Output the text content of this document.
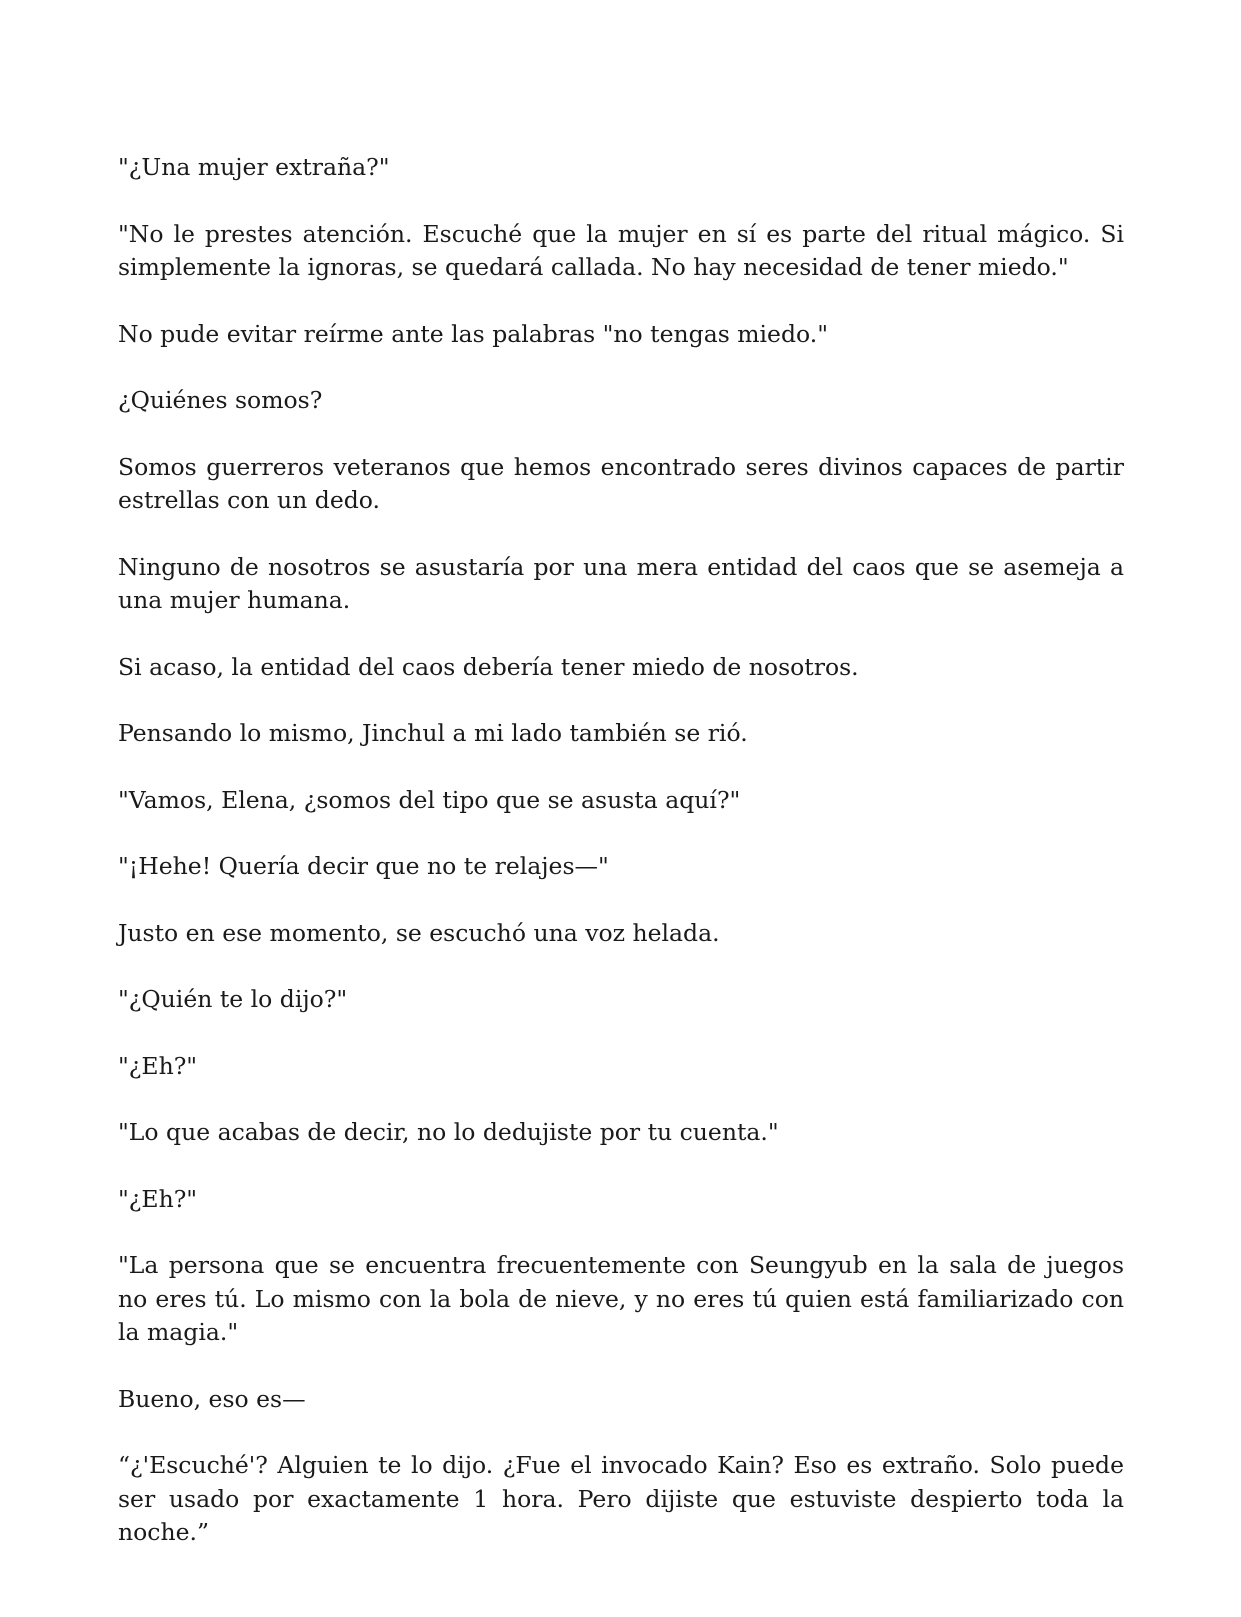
"¿Una mujer extraña?"

"No le prestes atención. Escuché que la mujer en sí es parte del ritual mágico. Si simplemente la ignoras, se quedará callada. No hay necesidad de tener miedo."

No pude evitar reírme ante las palabras "no tengas miedo."

¿Quiénes somos?

Somos guerreros veteranos que hemos encontrado seres divinos capaces de partir estrellas con un dedo.

Ninguno de nosotros se asustaría por una mera entidad del caos que se asemeja a una mujer humana.

Si acaso, la entidad del caos debería tener miedo de nosotros.

Pensando lo mismo, Jinchul a mi lado también se rió.

"Vamos, Elena, ¿somos del tipo que se asusta aquí?"

"¡Hehe! Quería decir que no te relajes—"

Justo en ese momento, se escuchó una voz helada.

"¿Quién te lo dijo?"

"¿Eh?"

"Lo que acabas de decir, no lo dedujiste por tu cuenta."

"¿Eh?"

"La persona que se encuentra frecuentemente con Seungyub en la sala de juegos no eres tú. Lo mismo con la bola de nieve, y no eres tú quien está familiarizado con la magia."

Bueno, eso es—

“¿'Escuché'? Alguien te lo dijo. ¿Fue el invocado Kain? Eso es extraño. Solo puede ser usado por exactamente 1 hora. Pero dijiste que estuviste despierto toda la noche.”
